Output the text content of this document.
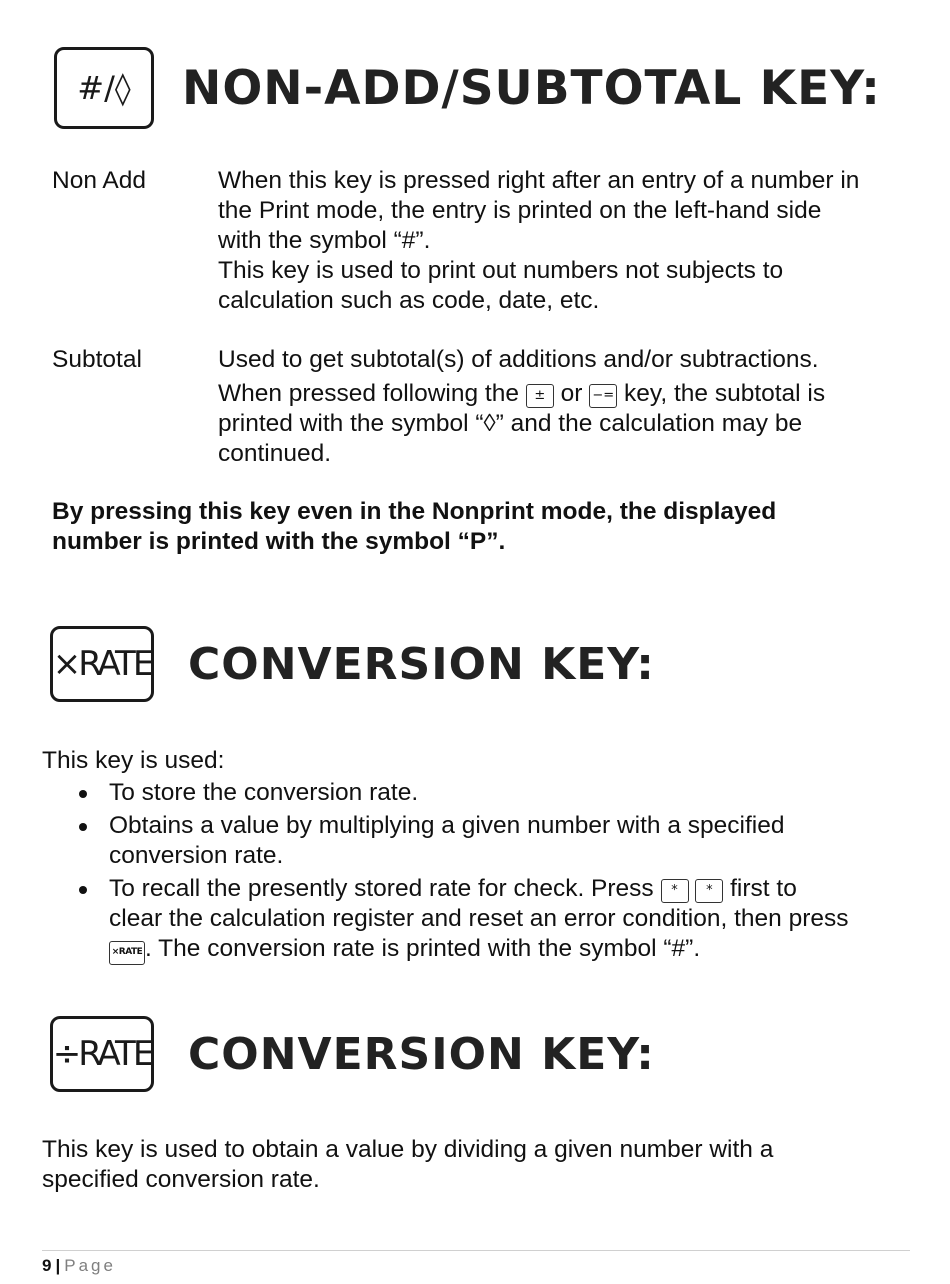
#/◊ NON-ADD/SUBTOTAL KEY:
Non Add	When this key is pressed right after an entry of a number in
the Print mode, the entry is printed on the left-hand side
with the symbol “#”.
This key is used to print out numbers not subjects to
calculation such as code, date, etc.
Subtotal	Used to get subtotal(s) of additions and/or subtractions.
When pressed following the ± or −= key, the subtotal is
printed with the symbol “◊” and the calculation may be
continued.
By pressing this key even in the Nonprint mode, the displayed
number is printed with the symbol “P”.
×RATE CONVERSION KEY:
This key is used:
To store the conversion rate.
Obtains a value by multiplying a given number with a specified
conversion rate.
To recall the presently stored rate for check. Press * * first to
clear the calculation register and reset an error condition, then press
×RATE . The conversion rate is printed with the symbol “#”.
÷RATE CONVERSION KEY:
This key is used to obtain a value by dividing a given number with a
specified conversion rate.
9 | Page
